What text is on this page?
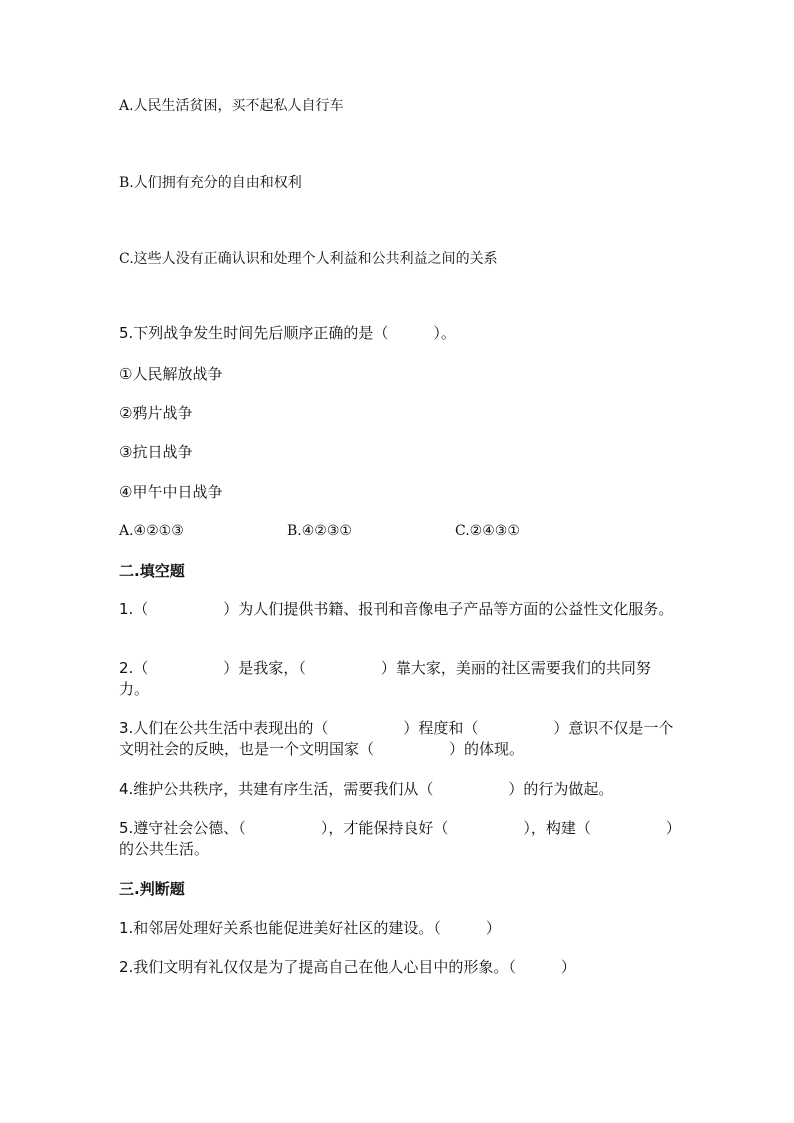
A.人民生活贫困，买不起私人自行车
B.人们拥有充分的自由和权利
C.这些人没有正确认识和处理个人利益和公共利益之间的关系
5.下列战争发生时间先后顺序正确的是（　　　）。
①人民解放战争
②鸦片战争
③抗日战争
④甲午中日战争
A.④②①③	B.④②③①	C.②④③①
二.填空题
1.（　　　　　）为人们提供书籍、报刊和音像电子产品等方面的公益性文化服务。
2.（　　　　　）是我家，（　　　　　）靠大家，美丽的社区需要我们的共同努力。
3.人们在公共生活中表现出的（　　　　　）程度和（　　　　　）意识不仅是一个文明社会的反映，也是一个文明国家（　　　　　）的体现。
4.维护公共秩序，共建有序生活，需要我们从（　　　　　）的行为做起。
5.遵守社会公德、（　　　　　），才能保持良好（　　　　　），构建（　　　　　）的公共生活。
三.判断题
1.和邻居处理好关系也能促进美好社区的建设。（　　　）
2.我们文明有礼仅仅是为了提高自己在他人心目中的形象。（　　　）
